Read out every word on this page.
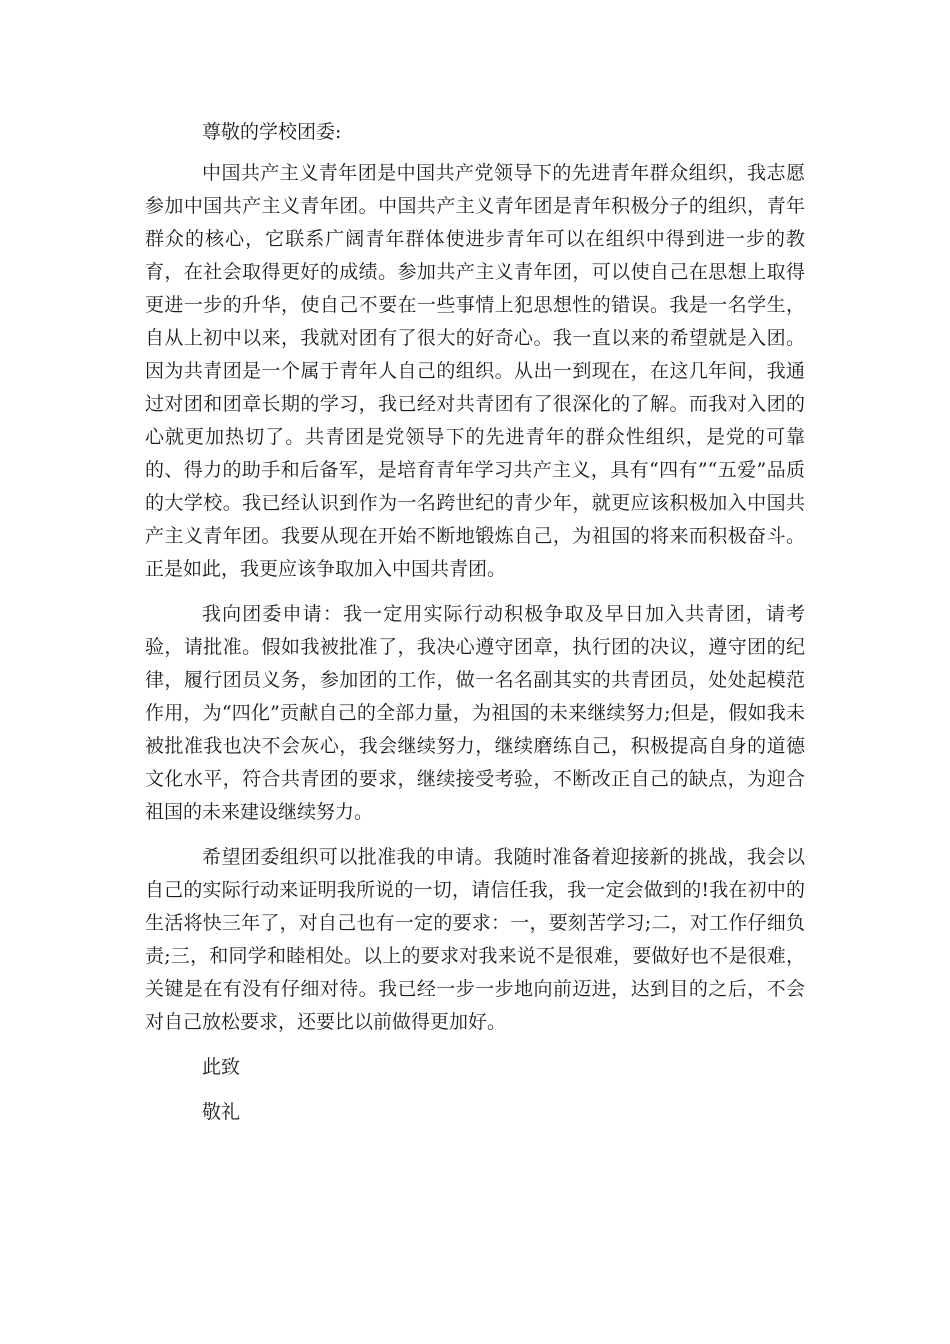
尊敬的学校团委:

中国共产主义青年团是中国共产党领导下的先进青年群众组织，我志愿参加中国共产主义青年团。中国共产主义青年团是青年积极分子的组织，青年群众的核心，它联系广阔青年群体使进步青年可以在组织中得到进一步的教育，在社会取得更好的成绩。参加共产主义青年团，可以使自己在思想上取得更进一步的升华，使自己不要在一些事情上犯思想性的错误。我是一名学生，自从上初中以来，我就对团有了很大的好奇心。我一直以来的希望就是入团。因为共青团是一个属于青年人自己的组织。从出一到现在，在这几年间，我通过对团和团章长期的学习，我已经对共青团有了很深化的了解。而我对入团的心就更加热切了。共青团是党领导下的先进青年的群众性组织，是党的可靠的、得力的助手和后备军，是培育青年学习共产主义，具有“四有”“五爱”品质的大学校。我已经认识到作为一名跨世纪的青少年，就更应该积极加入中国共产主义青年团。我要从现在开始不断地锻炼自己，为祖国的将来而积极奋斗。正是如此，我更应该争取加入中国共青团。

我向团委申请：我一定用实际行动积极争取及早日加入共青团，请考验，请批准。假如我被批准了，我决心遵守团章，执行团的决议，遵守团的纪律，履行团员义务，参加团的工作，做一名名副其实的共青团员，处处起模范作用，为“四化”贡献自己的全部力量，为祖国的未来继续努力;但是，假如我未被批准我也决不会灰心，我会继续努力，继续磨练自己，积极提高自身的道德文化水平，符合共青团的要求，继续接受考验，不断改正自己的缺点，为迎合祖国的未来建设继续努力。

希望团委组织可以批准我的申请。我随时准备着迎接新的挑战，我会以自己的实际行动来证明我所说的一切，请信任我，我一定会做到的!我在初中的生活将快三年了，对自己也有一定的要求：一，要刻苦学习;二，对工作仔细负责;三，和同学和睦相处。以上的要求对我来说不是很难，要做好也不是很难，关键是在有没有仔细对待。我已经一步一步地向前迈进，达到目的之后，不会对自己放松要求，还要比以前做得更加好。

此致

敬礼
